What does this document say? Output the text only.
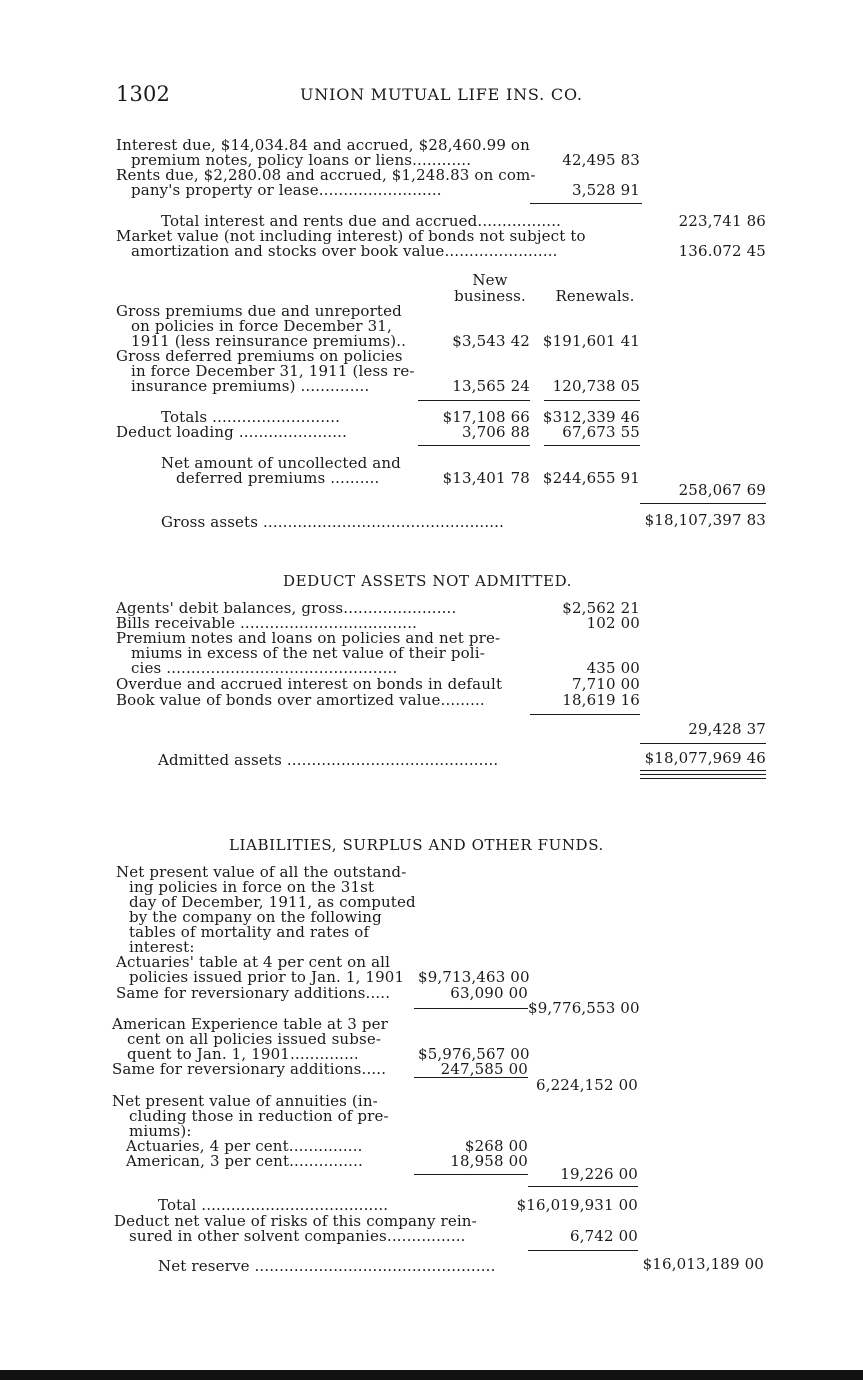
1302	UNION MUTUAL LIFE INS. CO.
Interest due, $14,034.84 and accrued, $28,460.99 on
premium notes, policy loans or liens............	42,495 83
Rents due, $2,280.08 and accrued, $1,248.83 on com-
pany's property or lease.........................	3,528 91
Total interest and rents due and accrued.................	223,741 86
Market value (not including interest) of bonds not subject to
amortization and stocks over book value.......................	136.072 45
New
business.	Renewals.
Gross premiums due and unreported
on policies in force December 31,
1911 (less reinsurance premiums)..	$3,543 42 $191,601 41
Gross deferred premiums on policies
in force December 31, 1911 (less re-
insurance premiums) ..............	13,565 24	120,738 05
Totals ..........................	$17,108 66 $312,339 46
Deduct loading ......................	3,706 88	67,673 55
Net amount of uncollected and
deferred premiums ..........	$13,401 78 $244,655 91
258,067 69
Gross assets .................................................	$18,107,397 83
DEDUCT ASSETS NOT ADMITTED.
Agents' debit balances, gross.......................	$2,562 21
Bills receivable ....................................	102 00
Premium notes and loans on policies and net pre-
miums in excess of the net value of their poli-
cies ...............................................	435 00
Overdue and accrued interest on bonds in default	7,710 00
Book value of bonds over amortized value.........	18,619 16
29,428 37
Admitted assets ...........................................	$18,077,969 46
LIABILITIES, SURPLUS AND OTHER FUNDS.
Net present value of all the outstand-
ing policies in force on the 31st
day of December, 1911, as computed
by the company on the following
tables of mortality and rates of
interest:
Actuaries' table at 4 per cent on all
policies issued prior to Jan. 1, 1901 $9,713,463 00
Same for reversionary additions.....	63,090 00
$9,776,553 00
American Experience table at 3 per
cent on all policies issued subse-
quent to Jan. 1, 1901..............	$5,976,567 00
Same for reversionary additions.....	247,585 00
6,224,152 00
Net present value of annuities (in-
cluding those in reduction of pre-
miums):
Actuaries, 4 per cent...............	$268 00
American, 3 per cent...............	18,958 00
19,226 00
Total ......................................	$16,019,931 00
Deduct net value of risks of this company rein-
sured in other solvent companies................	6,742 00
Net reserve .................................................	$16,013,189 00
